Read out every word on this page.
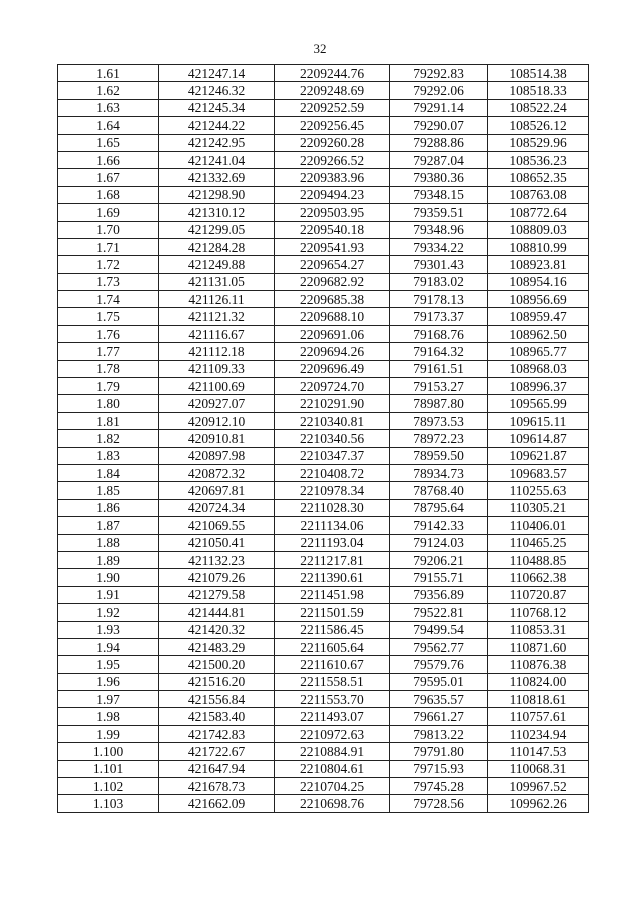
32
1.61	421247.14	2209244.76	79292.83	108514.38
1.62	421246.32	2209248.69	79292.06	108518.33
1.63	421245.34	2209252.59	79291.14	108522.24
1.64	421244.22	2209256.45	79290.07	108526.12
1.65	421242.95	2209260.28	79288.86	108529.96
1.66	421241.04	2209266.52	79287.04	108536.23
1.67	421332.69	2209383.96	79380.36	108652.35
1.68	421298.90	2209494.23	79348.15	108763.08
1.69	421310.12	2209503.95	79359.51	108772.64
1.70	421299.05	2209540.18	79348.96	108809.03
1.71	421284.28	2209541.93	79334.22	108810.99
1.72	421249.88	2209654.27	79301.43	108923.81
1.73	421131.05	2209682.92	79183.02	108954.16
1.74	421126.11	2209685.38	79178.13	108956.69
1.75	421121.32	2209688.10	79173.37	108959.47
1.76	421116.67	2209691.06	79168.76	108962.50
1.77	421112.18	2209694.26	79164.32	108965.77
1.78	421109.33	2209696.49	79161.51	108968.03
1.79	421100.69	2209724.70	79153.27	108996.37
1.80	420927.07	2210291.90	78987.80	109565.99
1.81	420912.10	2210340.81	78973.53	109615.11
1.82	420910.81	2210340.56	78972.23	109614.87
1.83	420897.98	2210347.37	78959.50	109621.87
1.84	420872.32	2210408.72	78934.73	109683.57
1.85	420697.81	2210978.34	78768.40	110255.63
1.86	420724.34	2211028.30	78795.64	110305.21
1.87	421069.55	2211134.06	79142.33	110406.01
1.88	421050.41	2211193.04	79124.03	110465.25
1.89	421132.23	2211217.81	79206.21	110488.85
1.90	421079.26	2211390.61	79155.71	110662.38
1.91	421279.58	2211451.98	79356.89	110720.87
1.92	421444.81	2211501.59	79522.81	110768.12
1.93	421420.32	2211586.45	79499.54	110853.31
1.94	421483.29	2211605.64	79562.77	110871.60
1.95	421500.20	2211610.67	79579.76	110876.38
1.96	421516.20	2211558.51	79595.01	110824.00
1.97	421556.84	2211553.70	79635.57	110818.61
1.98	421583.40	2211493.07	79661.27	110757.61
1.99	421742.83	2210972.63	79813.22	110234.94
1.100	421722.67	2210884.91	79791.80	110147.53
1.101	421647.94	2210804.61	79715.93	110068.31
1.102	421678.73	2210704.25	79745.28	109967.52
1.103	421662.09	2210698.76	79728.56	109962.26
